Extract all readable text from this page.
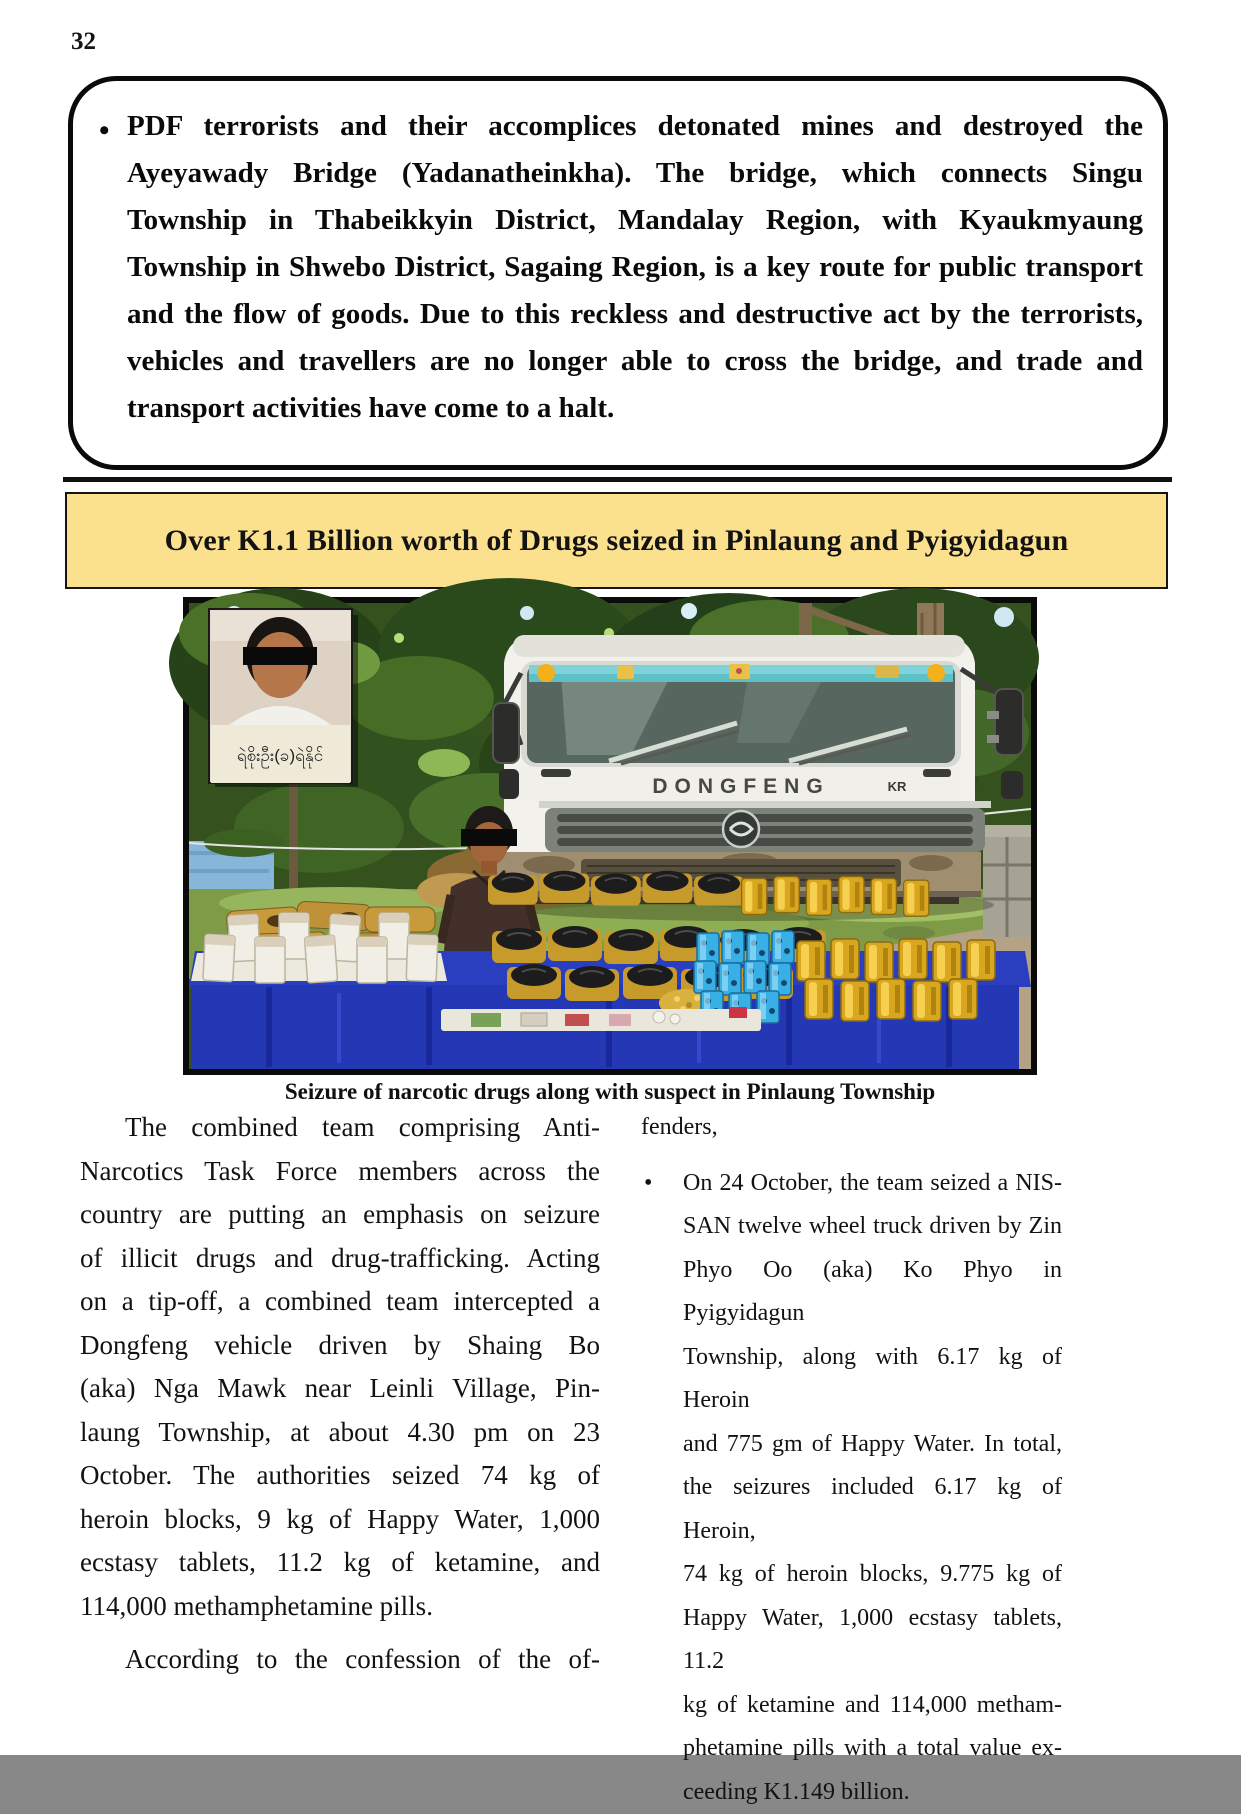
32
• PDF terrorists and their accomplices detonated mines and destroyed the
Ayeyawady Bridge (Yadanatheinkha). The bridge, which connects Singu
Township in Thabeikkyin District, Mandalay Region, with Kyaukmyaung
Township in Shwebo District, Sagaing Region, is a key route for public transport
and the flow of goods. Due to this reckless and destructive act by the terrorists,
vehicles and travellers are no longer able to cross the bridge, and trade and
transport activities have come to a halt.
Over K1.1 Billion worth of Drugs seized in Pinlaung and Pyigyidagun
DONGFENG	KR
ရဲစိုးဦး(ခ)ရဲနိုင်
Seizure of narcotic drugs along with suspect in Pinlaung Township
The combined team comprising Anti-
Narcotics Task Force members across the
country are putting an emphasis on seizure
of illicit drugs and drug-trafficking. Acting
on a tip-off, a combined team intercepted a
Dongfeng vehicle driven by Shaing Bo
(aka) Nga Mawk near Leinli Village, Pin-
laung Township, at about 4.30 pm on 23
October. The authorities seized 74 kg of
heroin blocks, 9 kg of Happy Water, 1,000
ecstasy tablets, 11.2 kg of ketamine, and
114,000 methamphetamine pills.
According to the confession of the of-
fenders,
• On 24 October, the team seized a NIS-
SAN twelve wheel truck driven by Zin
Phyo Oo (aka) Ko Phyo in Pyigyidagun
Township, along with 6.17 kg of Heroin
and 775 gm of Happy Water. In total,
the seizures included 6.17 kg of Heroin,
74 kg of heroin blocks, 9.775 kg of
Happy Water, 1,000 ecstasy tablets, 11.2
kg of ketamine and 114,000 metham-
phetamine pills with a total value ex-
ceeding K1.149 billion.
